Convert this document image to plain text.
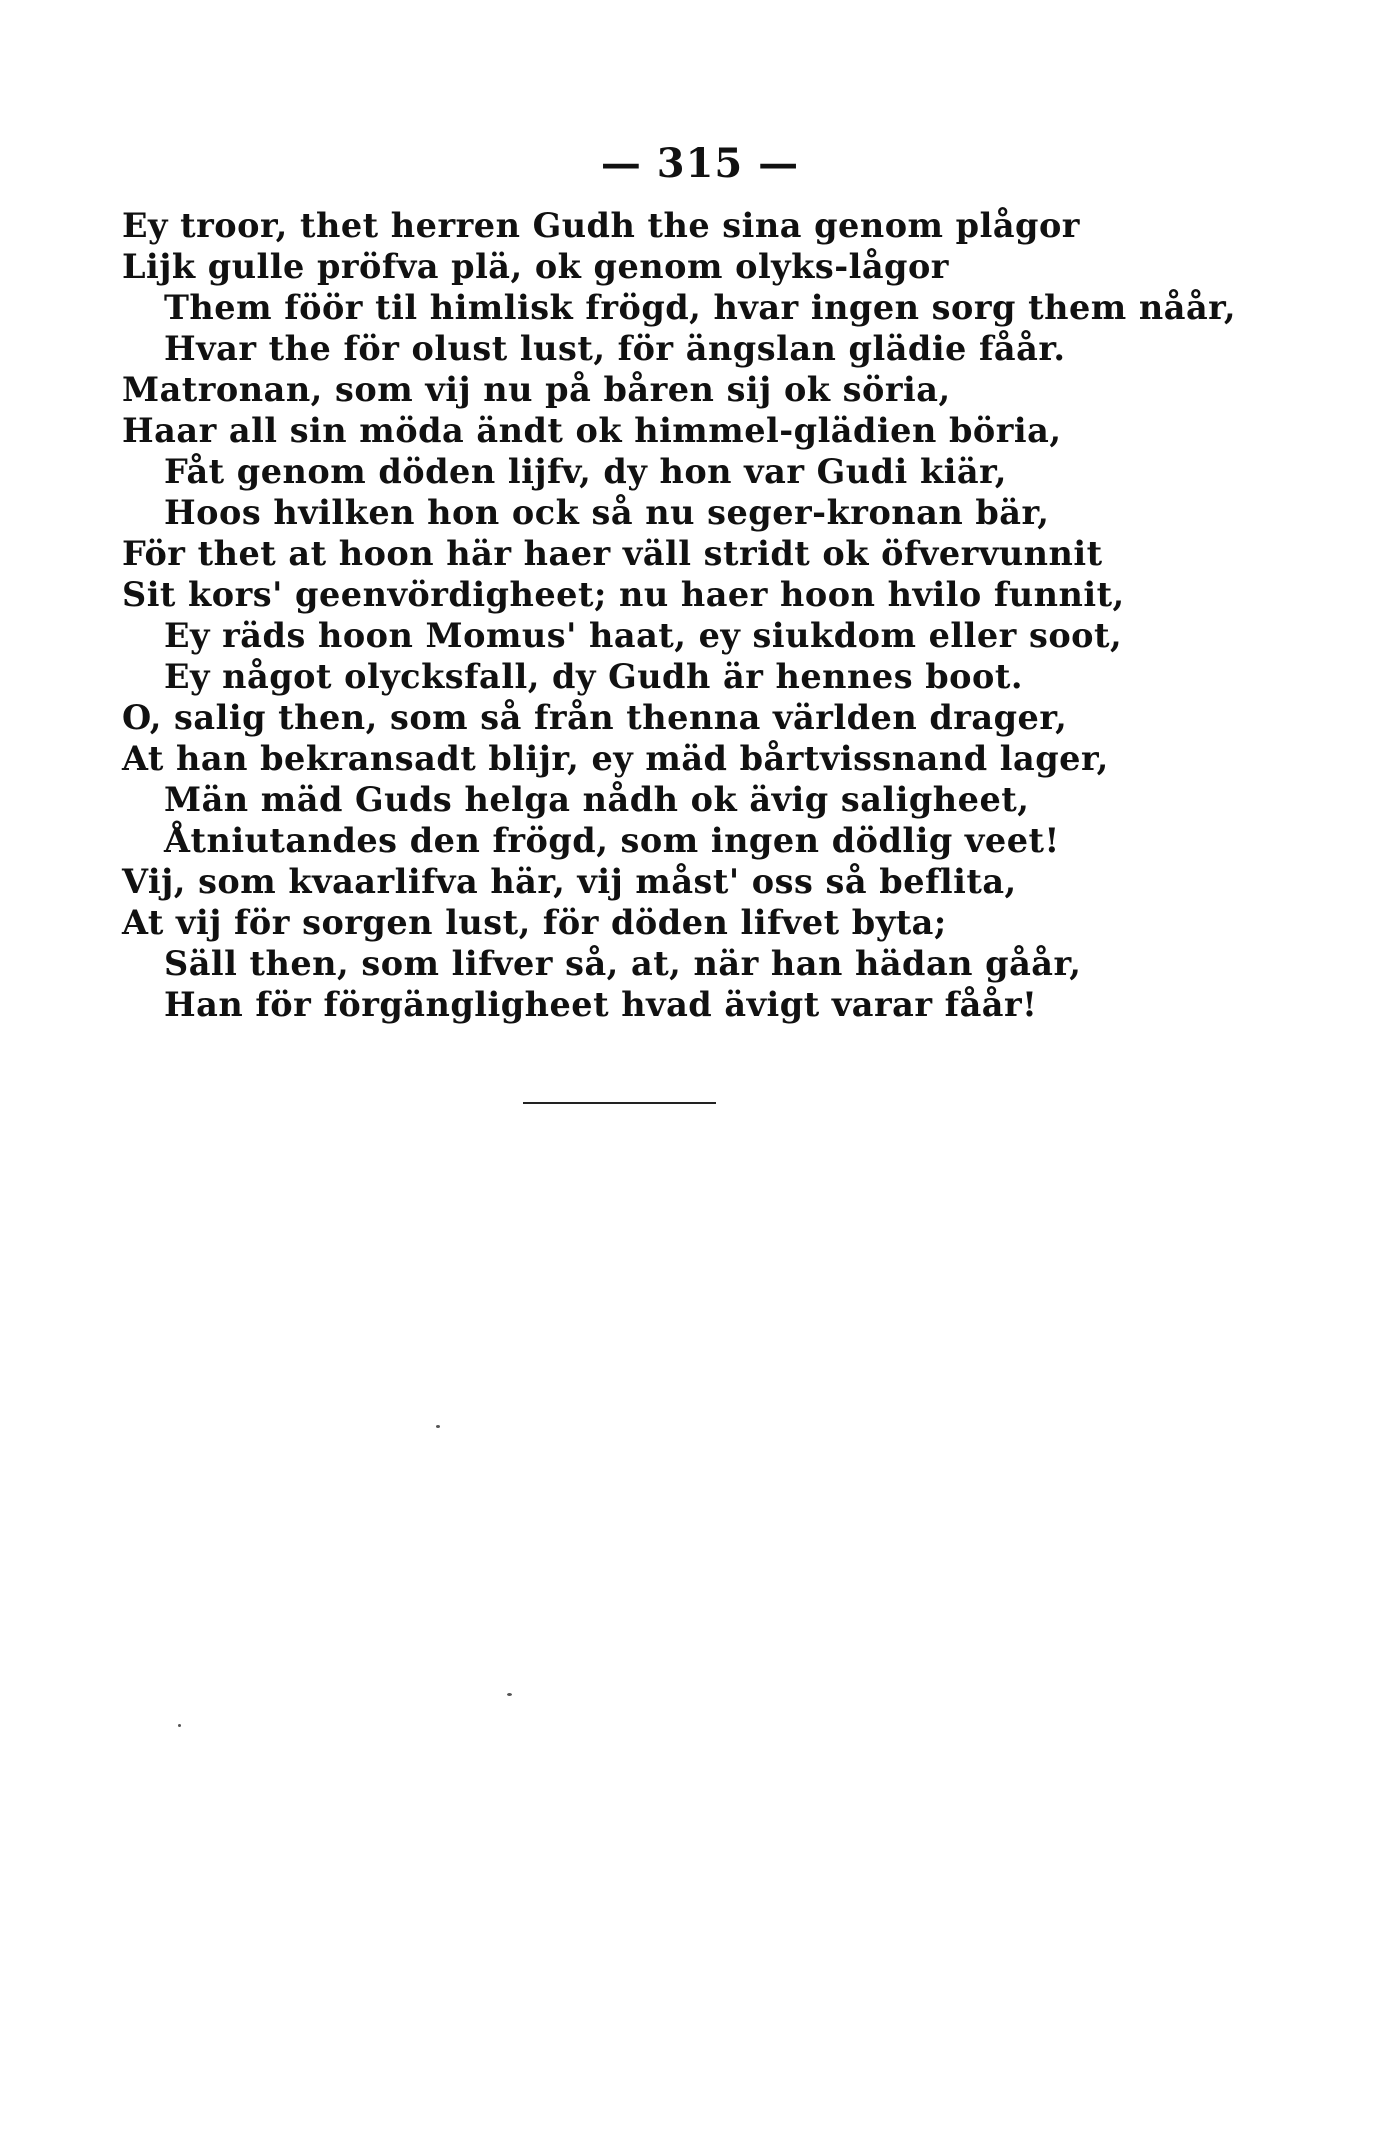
— 315 —
Ey troor, thet herren Gudh the sina genom plågor
Lijk gulle pröfva plä, ok genom olyks-lågor
Them föör til himlisk frögd, hvar ingen sorg them nåår,
Hvar the för olust lust, för ängslan glädie fåår.
Matronan, som vij nu på båren sij ok söria,
Haar all sin möda ändt ok himmel-glädien böria,
Fåt genom döden lijfv, dy hon var Gudi kiär,
Hoos hvilken hon ock så nu seger-kronan bär,
För thet at hoon här haer väll stridt ok öfvervunnit
Sit kors' geenvördigheet; nu haer hoon hvilo funnit,
Ey räds hoon Momus' haat, ey siukdom eller soot,
Ey något olycksfall, dy Gudh är hennes boot.
O, salig then, som så från thenna världen drager,
At han bekransadt blijr, ey mäd bårtvissnand lager,
Män mäd Guds helga nådh ok ävig saligheet,
Åtniutandes den frögd, som ingen dödlig veet!
Vij, som kvaarlifva här, vij måst' oss så beflita,
At vij för sorgen lust, för döden lifvet byta;
Säll then, som lifver så, at, när han hädan gåår,
Han för förgängligheet hvad ävigt varar fåår!
